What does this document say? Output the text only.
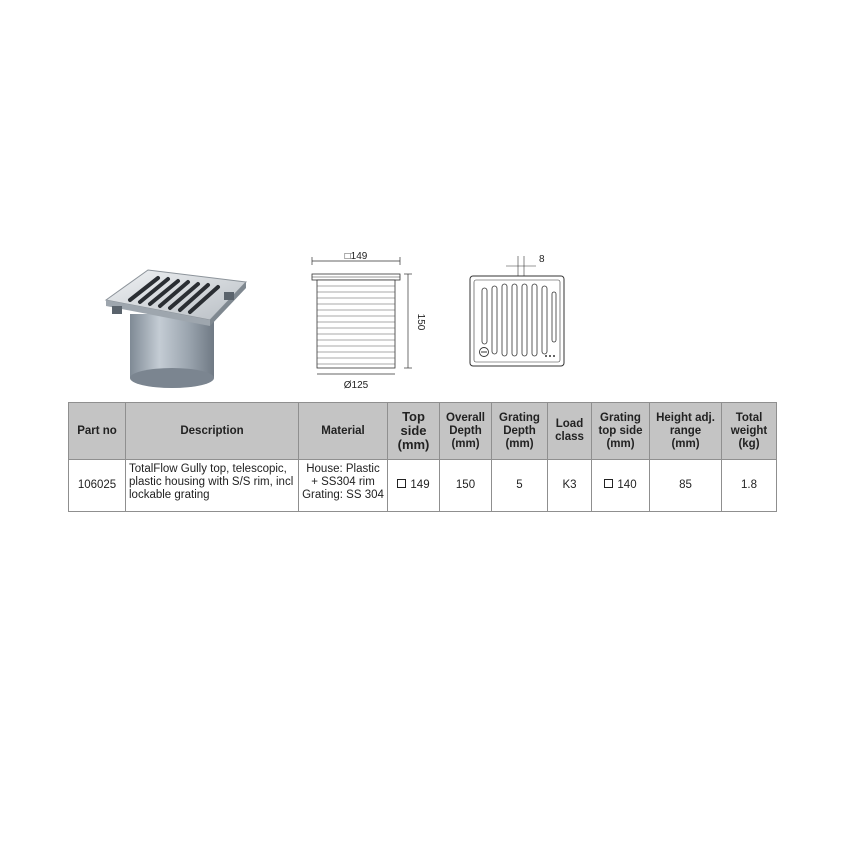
□149
150
Ø125
8
Part no	Description	Material	Top
side
(mm)	Overall
Depth
(mm)	Grating
Depth
(mm)	Load
class	Grating
top side
(mm)	Height adj.
range
(mm)	Total
weight
(kg)

106025	TotalFlow Gully top, telescopic,
plastic housing with S/S rim, incl
lockable grating	House: Plastic
+ SS304 rim
Grating: SS 304	149	150	5	K3	140	85	1.8
